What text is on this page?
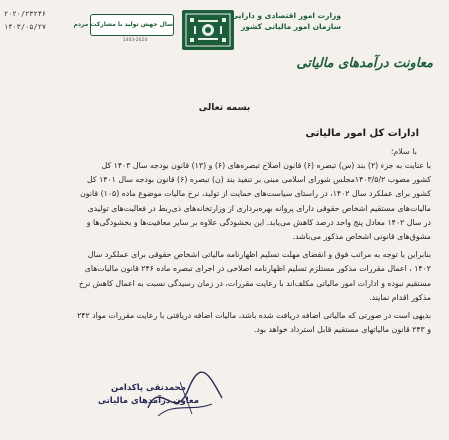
۲۰۲۰/۲۳۲۴۶
۱۴۰۳/۰۵/۲۷	سال جهش تولید با مشارکت مردم
1403-2024
وزارت امور اقتصادی و دارایی
سازمان امور مالیاتی کشور
معاونت درآمدهای مالیاتی
بسمه تعالی
ادارات کل امور مالیاتی
با سلام؛
با عنایت به جزء (۲) بند (س) تبصره (۶) قانون اصلاح تبصره‌های (۶) و (۱۳) قانون بودجه سال ۱۴۰۳ کل
کشور مصوب ۱۴۰۳/۵/۲مجلس شورای اسلامی مبنی بر تنفیذ بند (ن) تبصره (۶) قانون بودجه سال ۱۴۰۱ کل
کشور برای عملکرد سال ۱۴۰۲، در راستای سیاست‌های حمایت از تولید، نرخ مالیات موضوع ماده (۱۰۵) قانون
مالیات‌های مستقیم اشخاص حقوقی دارای پروانه بهره‌برداری از وزارتخانه‌های ذی‌ربط در فعالیت‌های تولیدی
در سال ۱۴۰۲ معادل پنج واحد درصد کاهش می‌یابد. این بخشودگی علاوه بر سایر معافیت‌ها و بخشودگی‌ها و
مشوق‌های قانونی اشخاص مذکور می‌باشد.
بنابراین با توجه به مراتب فوق و انقضای مهلت تسلیم اظهارنامه مالیاتی اشخاص حقوقی برای عملکرد سال
۱۴۰۲ ، اعمال مقررات مذکور مستلزم تسلیم اظهارنامه اصلاحی در اجرای تبصره ماده ۲۴۶ قانون مالیات‌های
مستقیم نبوده و ادارات امور مالیاتی مکلف‌اند با رعایت مقررات، در زمان رسیدگی نسبت به اعمال کاهش نرخ
مذکور اقدام نمایند.
بدیهی است در صورتی که مالیاتی اضافه دریافت شده باشد، مالیات اضافه دریافتی با رعایت مقررات مواد ۲۴۲
و ۲۴۳ قانون مالیاتهای مستقیم قابل استرداد خواهد بود.
محمدتقی پاکدامن
معاون درآمدهای مالیاتی
